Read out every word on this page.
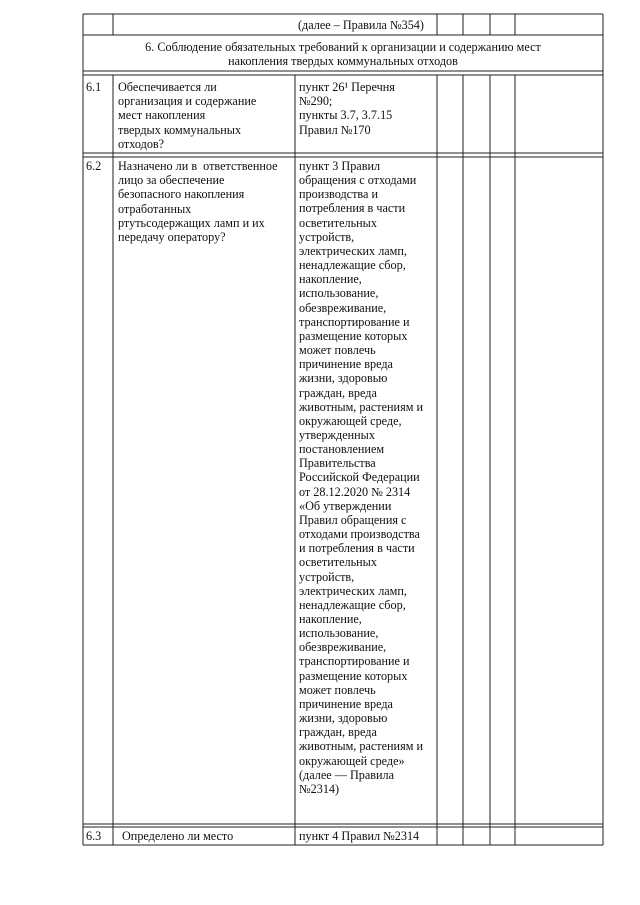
(далее – Правила №354)
6. Соблюдение обязательных требований к организации и содержанию мест
накопления твердых коммунальных отходов
6.1 Обеспечивается ли
организация и содержание
мест накопления
твердых коммунальных
отходов?
пункт 26¹ Перечня
№290;
пункты 3.7, 3.7.15
Правил №170
6.2 Назначено ли в  ответственное
лицо за обеспечение
безопасного накопления
отработанных
ртутьсодержащих ламп и их
передачу оператору?
пункт 3 Правил
обращения с отходами
производства и
потребления в части
осветительных
устройств,
электрических ламп,
ненадлежащие сбор,
накопление,
использование,
обезвреживание,
транспортирование и
размещение которых
может повлечь
причинение вреда
жизни, здоровью
граждан, вреда
животным, растениям и
окружающей среде,
утвержденных
постановлением
Правительства
Российской Федерации
от 28.12.2020 № 2314
«Об утверждении
Правил обращения с
отходами производства
и потребления в части
осветительных
устройств,
электрических ламп,
ненадлежащие сбор,
накопление,
использование,
обезвреживание,
транспортирование и
размещение которых
может повлечь
причинение вреда
жизни, здоровью
граждан, вреда
животным, растениям и
окружающей среде»
(далее — Правила
№2314)
6.3 Определено ли место	пункт 4 Правил №2314
